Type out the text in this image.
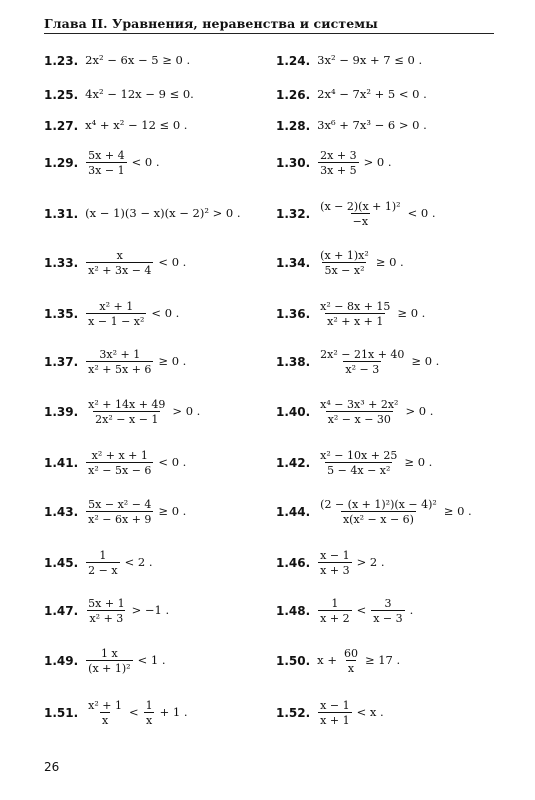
Глава II. Уравнения, неравенства и системы
1.23. 2x² − 6x − 5 ≥ 0 .	1.24. 3x² − 9x + 7 ≤ 0 .
1.25. 4x² − 12x − 9 ≤ 0.	1.26. 2x⁴ − 7x² + 5 < 0 .
1.27. x⁴ + x² − 12 ≤ 0 .	1.28. 3x⁶ + 7x³ − 6 > 0 .
1.29. $\frac{5x + 4}{3x - 1} < 0$ .	1.30. $\frac{2x + 3}{3x + 5} > 0$ .
1.31. (x − 1)(3 − x)(x − 2)² > 0 .	1.32. $\frac{\text{(x − 2)(x + 1)²}}{-x} < 0$ .
1.33. $\frac{x}{\text{x² + 3x − 4}} < 0$ .	1.34. $\frac{\text{(x + 1)x²}}{\text{5x − x²}} \ge 0$ .
1.35. $\frac{\text{x² + 1}}{\text{x − 1 − x²}} < 0$ .	1.36. $\frac{\text{x² − 8x + 15}}{\text{x² + x + 1}} \ge 0$ .
1.37. $\frac{\text{3x² + 1}}{\text{x² + 5x + 6}} \ge 0$ .	1.38. $\frac{\text{2x² − 21x + 40}}{\text{x² − 3}} \ge 0$ .
1.39. $\frac{\text{x² + 14x + 49}}{\text{2x² − x − 1}} > 0$ .	1.40. $\frac{\text{x⁴ − 3x³ + 2x²}}{\text{x² − x − 30}} > 0$ .
1.41. $\frac{\text{x² + x + 1}}{\text{x² − 5x − 6}} < 0$ .	1.42. $\frac{\text{x² − 10x + 25}}{\text{5 − 4x − x²}} \ge 0$ .
1.43. $\frac{\text{5x − x² − 4}}{\text{x² − 6x + 9}} \ge 0$ .	1.44. $\frac{\text{(2 − (x + 1)²)(x − 4)²}}{\text{x(x² − x − 6)}} \ge 0$ .
1.45. $\frac{1}{2 - x} < 2$ .	1.46. $\frac{x - 1}{x + 3} > 2$ .
1.47. $\frac{5x + 1}{\text{x² + 3}} > -1$ .	1.48. $\frac{1}{x + 2} < \frac{3}{x - 3}$ .
1.49. $\frac{1 x}{\text{(x + 1)²}} < 1$ .	1.50. $x + \frac{60}{x} \ge 17$ .
1.51. $\frac{\text{x² + 1}}{x} < \frac{1}{x} + 1$ .	1.52. $\frac{x - 1}{x + 1} < x$ .
26
